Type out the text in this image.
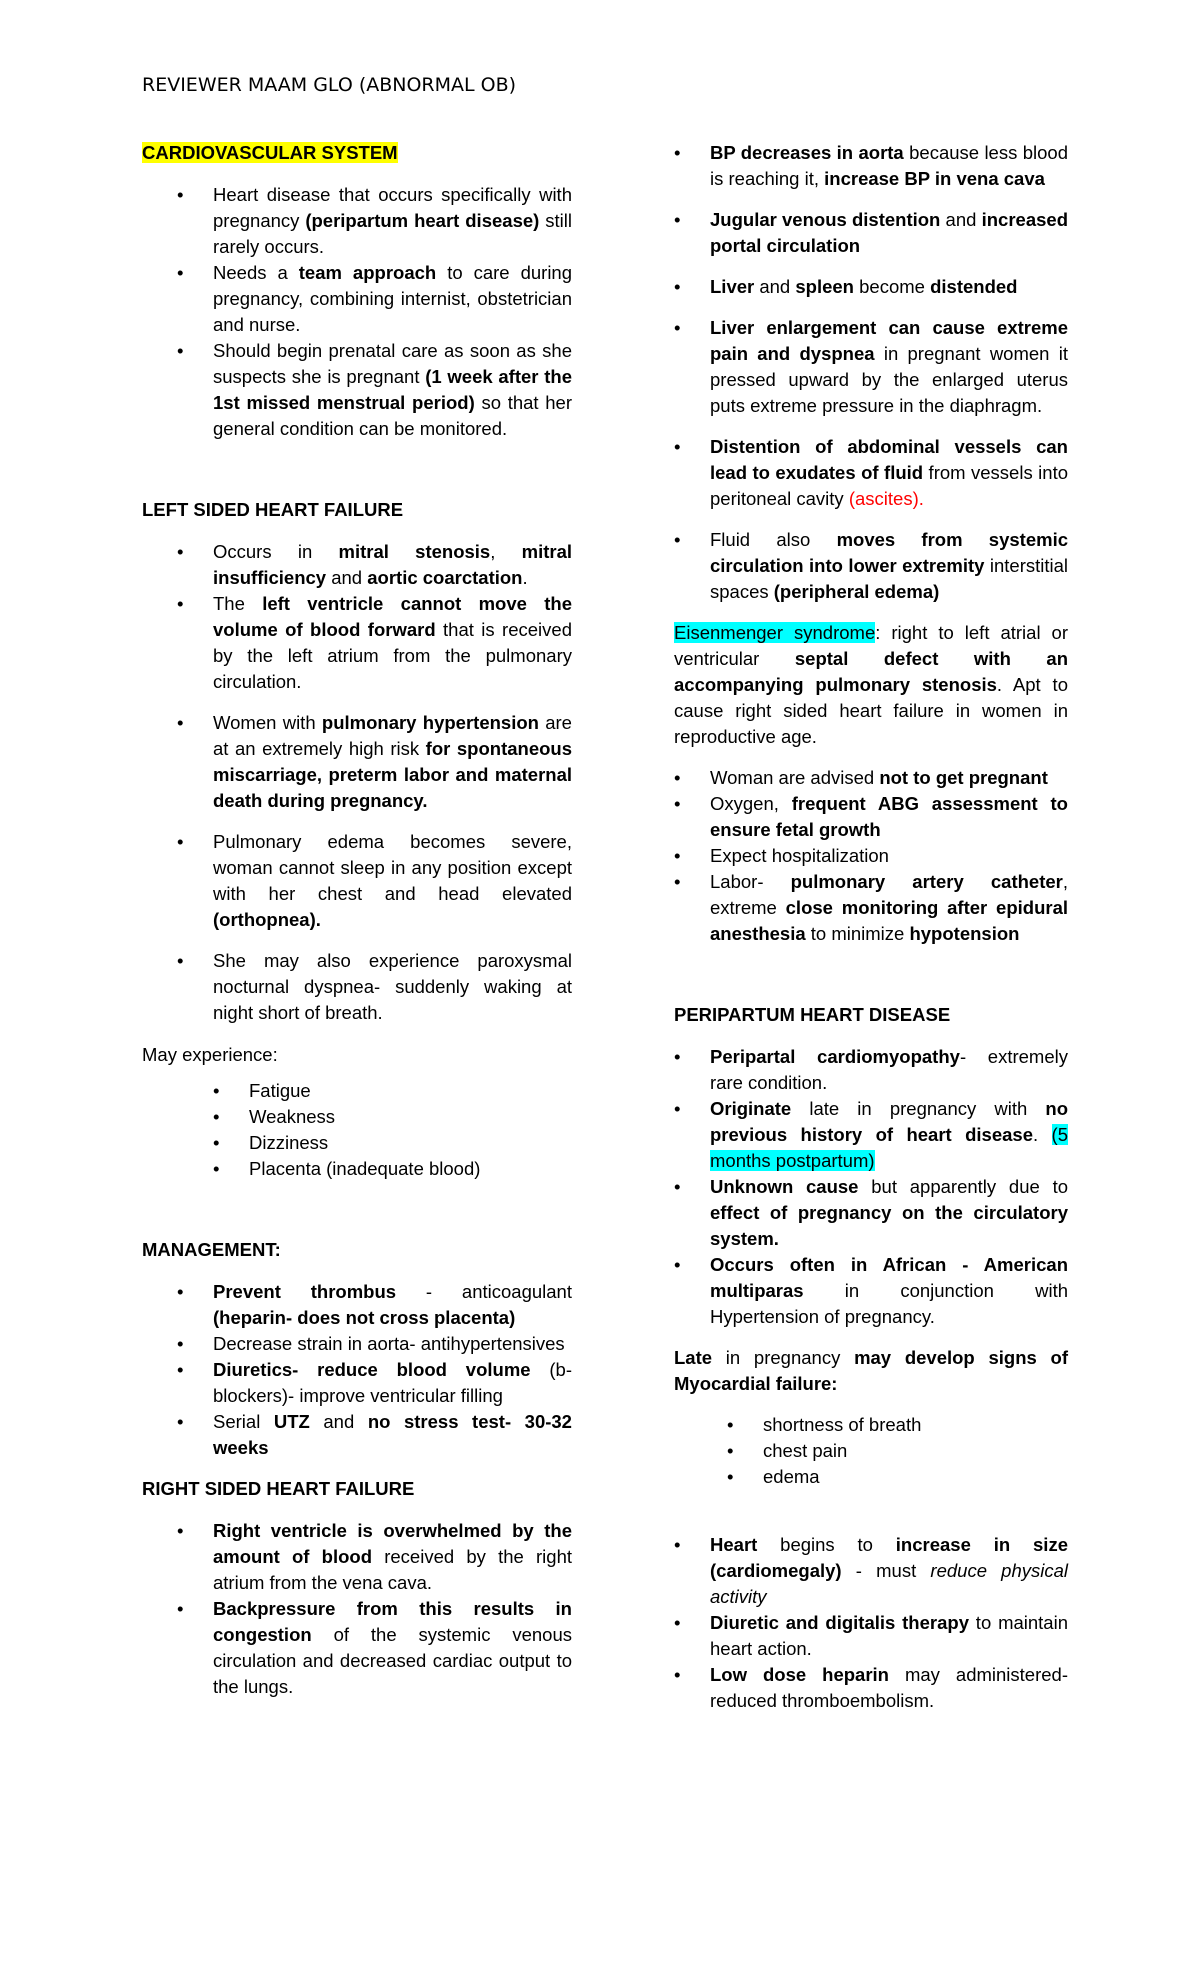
REVIEWER MAAM GLO (ABNORMAL OB)
CARDIOVASCULAR SYSTEM
• Heart disease that occurs specifically with pregnancy (peripartum heart disease) still rarely occurs.
• Needs a team approach to care during pregnancy, combining internist, obstetrician and nurse.
• Should begin prenatal care as soon as she suspects she is pregnant (1 week after the 1st missed menstrual period) so that her general condition can be monitored.
LEFT SIDED HEART FAILURE
• Occurs in mitral stenosis, mitral insufficiency and aortic coarctation.
• The left ventricle cannot move the volume of blood forward that is received by the left atrium from the pulmonary circulation.
• Women with pulmonary hypertension are at an extremely high risk for spontaneous miscarriage, preterm labor and maternal death during pregnancy.
• Pulmonary edema becomes severe, woman cannot sleep in any position except with her chest and head elevated (orthopnea).
• She may also experience paroxysmal nocturnal dyspnea- suddenly waking at night short of breath.
May experience:
• Fatigue
• Weakness
• Dizziness
• Placenta (inadequate blood)
MANAGEMENT:
• Prevent thrombus - anticoagulant (heparin- does not cross placenta)
• Decrease strain in aorta- antihypertensives
• Diuretics- reduce blood volume (b-blockers)- improve ventricular filling
• Serial UTZ and no stress test- 30-32 weeks
RIGHT SIDED HEART FAILURE
• Right ventricle is overwhelmed by the amount of blood received by the right atrium from the vena cava.
• Backpressure from this results in congestion of the systemic venous circulation and decreased cardiac output to the lungs.
• BP decreases in aorta because less blood is reaching it, increase BP in vena cava
• Jugular venous distention and increased portal circulation
• Liver and spleen become distended
• Liver enlargement can cause extreme pain and dyspnea in pregnant women it pressed upward by the enlarged uterus puts extreme pressure in the diaphragm.
• Distention of abdominal vessels can lead to exudates of fluid from vessels into peritoneal cavity (ascites).
• Fluid also moves from systemic circulation into lower extremity interstitial spaces (peripheral edema)
Eisenmenger syndrome: right to left atrial or ventricular septal defect with an accompanying pulmonary stenosis. Apt to cause right sided heart failure in women in reproductive age.
• Woman are advised not to get pregnant
• Oxygen, frequent ABG assessment to ensure fetal growth
• Expect hospitalization
• Labor- pulmonary artery catheter, extreme close monitoring after epidural anesthesia to minimize hypotension
PERIPARTUM HEART DISEASE
• Peripartal cardiomyopathy- extremely rare condition.
• Originate late in pregnancy with no previous history of heart disease. (5 months postpartum)
• Unknown cause but apparently due to effect of pregnancy on the circulatory system.
• Occurs often in African - American multiparas in conjunction with Hypertension of pregnancy.
Late in pregnancy may develop signs of Myocardial failure:
• shortness of breath
• chest pain
• edema
• Heart begins to increase in size (cardiomegaly) - must reduce physical activity
• Diuretic and digitalis therapy to maintain heart action.
• Low dose heparin may administered- reduced thromboembolism.
